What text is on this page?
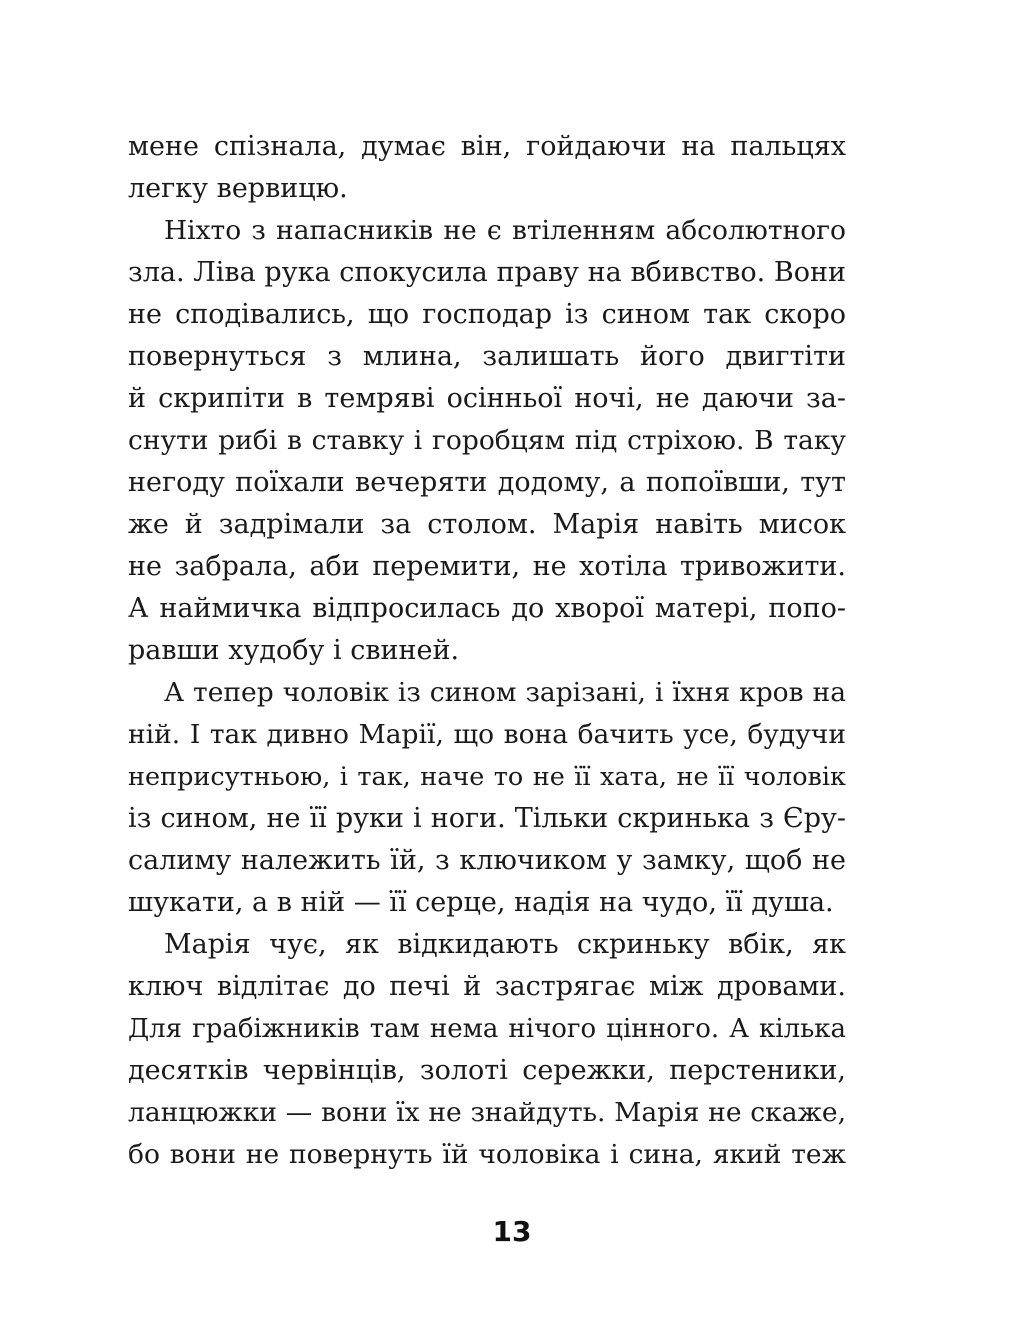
мене спізнала, думає він, гойдаючи на пальцях
легку вервицю.
Ніхто з напасників не є втіленням абсолютного
зла. Ліва рука спокусила праву на вбивство. Вони
не сподівались, що господар із сином так скоро
повернуться з млина, залишать його двигтіти
й скрипіти в темряві осінньої ночі, не даючи за-
снути рибі в ставку і горобцям під стріхою. В таку
негоду поїхали вечеряти додому, а попоївши, тут
же й задрімали за столом. Марія навіть мисок
не забрала, аби перемити, не хотіла тривожити.
А наймичка відпросилась до хворої матері, попо-
равши худобу і свиней.
А тепер чоловік із сином зарізані, і їхня кров на
ній. І так дивно Марії, що вона бачить усе, будучи
неприсутньою, і так, наче то не її хата, не її чоловік
із сином, не її руки і ноги. Тільки скринька з Єру-
салиму належить їй, з ключиком у замку, щоб не
шукати, а в ній — її серце, надія на чудо, її душа.
Марія чує, як відкидають скриньку вбік, як
ключ відлітає до печі й застрягає між дровами.
Для грабіжників там нема нічого цінного. А кілька
десятків червінців, золоті сережки, перстеники,
ланцюжки — вони їх не знайдуть. Марія не скаже,
бо вони не повернуть їй чоловіка і сина, який теж
13
